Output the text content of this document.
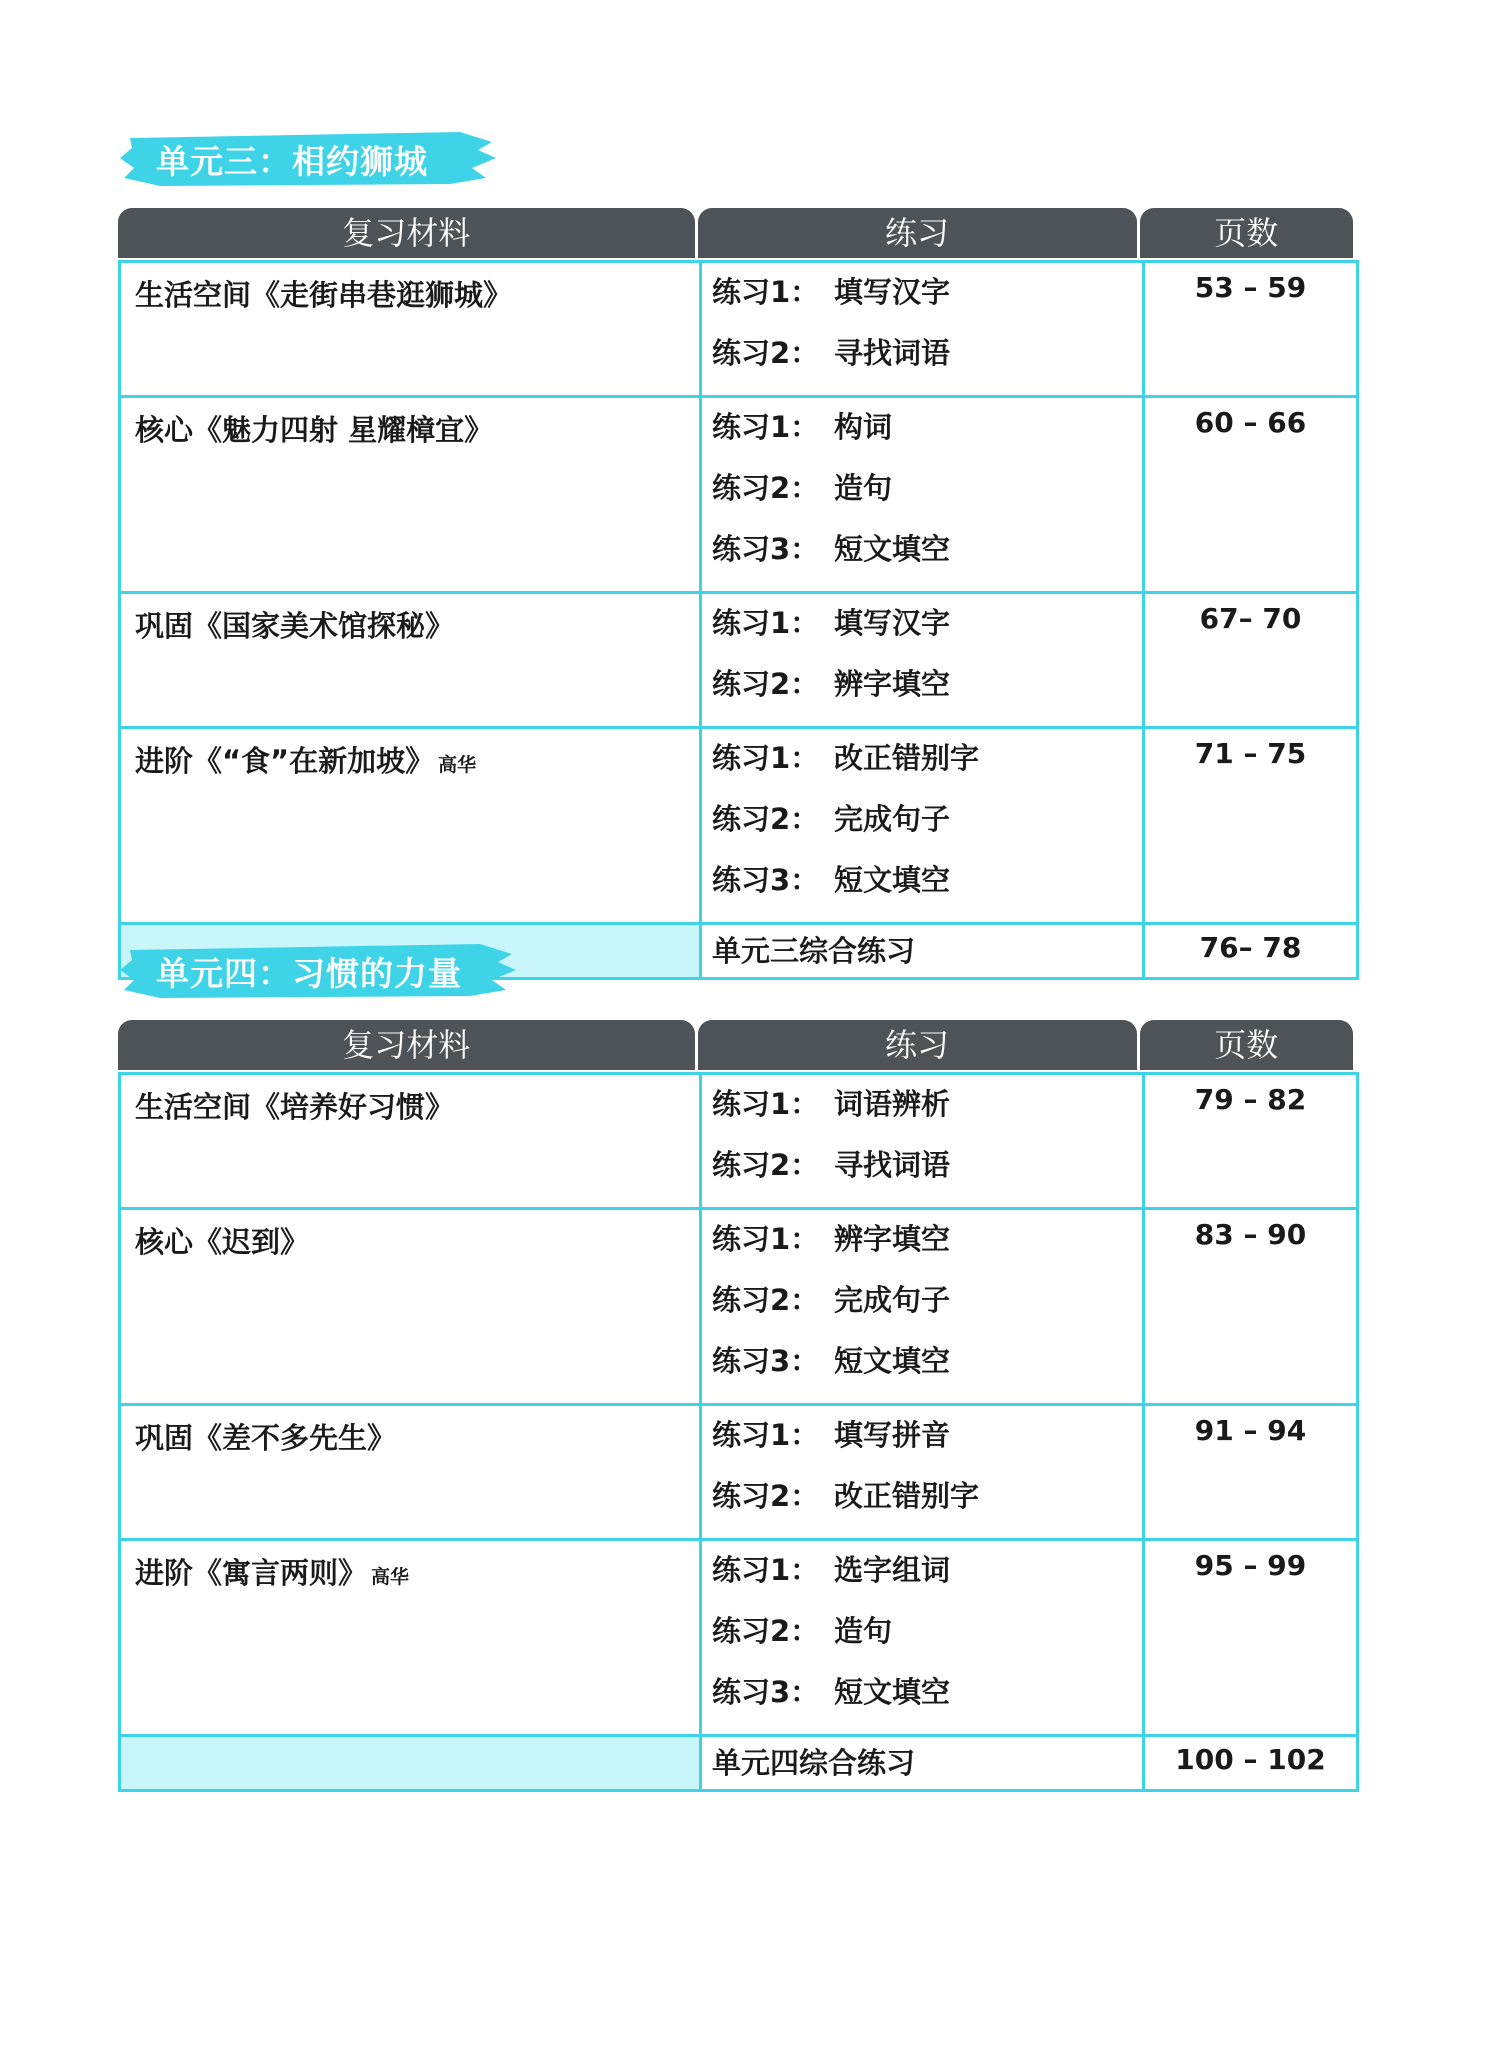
单元三：相约狮城
复习材料	练习	页数
生活空间《走街串巷逛狮城》	练习1： 填写汉字
练习2： 寻找词语	53 – 59
核心《魅力四射 星耀樟宜》	练习1： 构词
练习2： 造句
练习3： 短文填空	60 – 66
巩固《国家美术馆探秘》	练习1： 填写汉字
练习2： 辨字填空	67– 70
进阶《“食”在新加坡》 高华	练习1： 改正错别字
练习2： 完成句子
练习3： 短文填空	71 – 75
	单元三综合练习	76– 78
单元四：习惯的力量
复习材料	练习	页数
生活空间《培养好习惯》	练习1： 词语辨析
练习2： 寻找词语	79 – 82
核心《迟到》	练习1： 辨字填空
练习2： 完成句子
练习3： 短文填空	83 – 90
巩固《差不多先生》	练习1： 填写拼音
练习2： 改正错别字	91 – 94
进阶《寓言两则》 高华	练习1： 选字组词
练习2： 造句
练习3： 短文填空	95 – 99
	单元四综合练习	100 – 102
